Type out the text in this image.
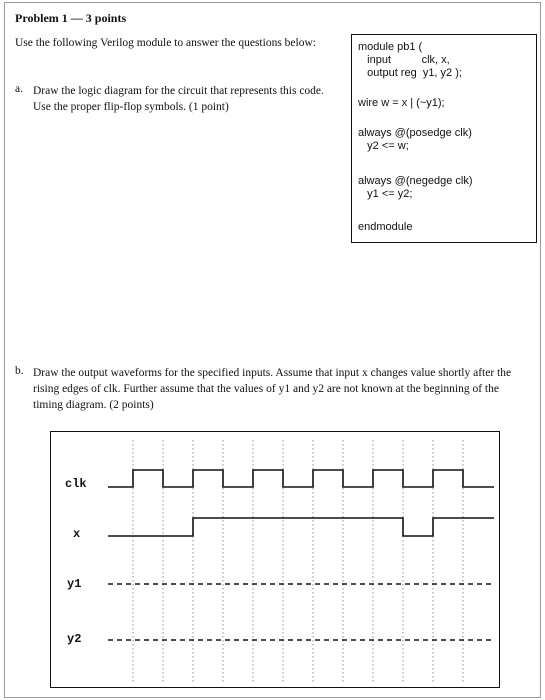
Problem 1 — 3 points
Use the following Verilog module to answer the questions below:
a. Draw the logic diagram for the circuit that represents this code. Use the proper flip-flop symbols. (1 point)
module pb1 (
input          clk, x,
output reg  y1, y2 );
wire w = x | (~y1);
always @(posedge clk)
y2 <= w;
always @(negedge clk)
y1 <= y2;
endmodule
b. Draw the output waveforms for the specified inputs. Assume that input x changes value shortly after the rising edges of clk. Further assume that the values of y1 and y2 are not known at the beginning of the timing diagram. (2 points)
clk
x
y1
y2
